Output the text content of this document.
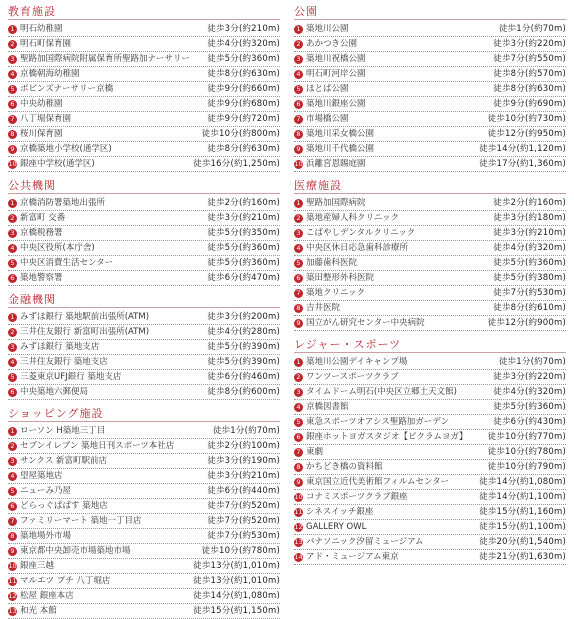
教育施設
1 明石幼稚園	徒歩3分(約210m)
2 明石町保育園	徒歩4分(約320m)
3 聖路加国際病院附属保育所聖路加ナーサリー	徒歩5分(約360m)
4 京橋朝海幼稚園	徒歩8分(約630m)
5 ポピンズナーサリー京橋	徒歩9分(約660m)
6 中央幼稚園	徒歩9分(約680m)
7 八丁堀保育園	徒歩9分(約720m)
8 桜川保育園	徒歩10分(約800m)
9 京橋築地小学校(通学区)	徒歩8分(約630m)
10 銀座中学校(通学区)	徒歩16分(約1,250m)
公共機関
1 京橋消防署築地出張所	徒歩2分(約160m)
2 新富町 交番	徒歩3分(約210m)
3 京橋税務署	徒歩5分(約350m)
4 中央区役所(本庁舎)	徒歩5分(約360m)
5 中央区消費生活センター	徒歩5分(約360m)
6 築地警察署	徒歩6分(約470m)
金融機関
1 みずほ銀行 築地駅前出張所(ATM)	徒歩3分(約200m)
2 三井住友銀行 新富町出張所(ATM)	徒歩4分(約280m)
3 みずほ銀行 築地支店	徒歩5分(約390m)
4 三井住友銀行 築地支店	徒歩5分(約390m)
5 三菱東京UFJ銀行 築地支店	徒歩6分(約460m)
6 中央築地六郵便局	徒歩8分(約600m)
ショッピング施設
1 ローソン H築地三丁目	徒歩1分(約70m)
2 セブンイレブン 築地日刊スポーツ本社店	徒歩2分(約100m)
3 サンクス 新富町駅前店	徒歩3分(約190m)
4 望屋築地店	徒歩3分(約210m)
5 ニューみ乃屋	徒歩6分(約440m)
6 どらっぐぱぱす 築地店	徒歩7分(約520m)
7 ファミリーマート 築地一丁目店	徒歩7分(約520m)
8 築地場外市場	徒歩7分(約530m)
9 東京都中央卸売市場築地市場	徒歩10分(約780m)
10 銀座三越	徒歩13分(約1,010m)
11 マルエツ プチ 八丁堀店	徒歩13分(約1,010m)
12 松屋 銀座本店	徒歩14分(約1,080m)
13 和光 本館	徒歩15分(約1,150m)
公園
1 築地川公園	徒歩1分(約70m)
2 あかつき公園	徒歩3分(約220m)
3 築地川祝橋公園	徒歩7分(約550m)
4 明石町河岸公園	徒歩8分(約570m)
5 ほとぱ公園	徒歩8分(約630m)
6 築地川銀座公園	徒歩9分(約690m)
7 市場橋公園	徒歩10分(約730m)
8 築地川采女橋公園	徒歩12分(約950m)
9 築地川千代橋公園	徒歩14分(約1,120m)
10 浜離宮恩賜庭園	徒歩17分(約1,360m)
医療施設
1 聖路加国際病院	徒歩2分(約160m)
2 築地産婦人科クリニック	徒歩3分(約180m)
3 こばやしデンタルクリニック	徒歩3分(約210m)
4 中央区休日応急歯科診療所	徒歩4分(約320m)
5 加藤歯科医院	徒歩5分(約360m)
6 築田整形外科医院	徒歩5分(約380m)
7 築地クリニック	徒歩7分(約530m)
8 吉井医院	徒歩8分(約610m)
9 国立がん研究センター中央病院	徒歩12分(約900m)
レジャー・スポーツ
1 築地川公園デイキャンプ場	徒歩1分(約70m)
2 ワンツースポーツクラブ	徒歩3分(約220m)
3 タイムドーム明石(中央区立郷土天文館)	徒歩4分(約320m)
4 京橋図書館	徒歩5分(約360m)
5 東急スポーツオアシス聖路加ガーデン	徒歩6分(約430m)
6 銀座ホットヨガスタジオ【ビクラムヨガ】	徒歩10分(約770m)
7 東劇	徒歩10分(約780m)
8 かちどき橋の資料館	徒歩10分(約790m)
9 東京国立近代美術館フィルムセンター	徒歩14分(約1,080m)
10 コナミスポーツクラブ銀座	徒歩14分(約1,100m)
11 シネスイッチ銀座	徒歩15分(約1,160m)
12 GALLERY OWL	徒歩15分(約1,100m)
13 パナソニック汐留ミュージアム	徒歩20分(約1,540m)
14 アド・ミュージアム東京	徒歩21分(約1,630m)
